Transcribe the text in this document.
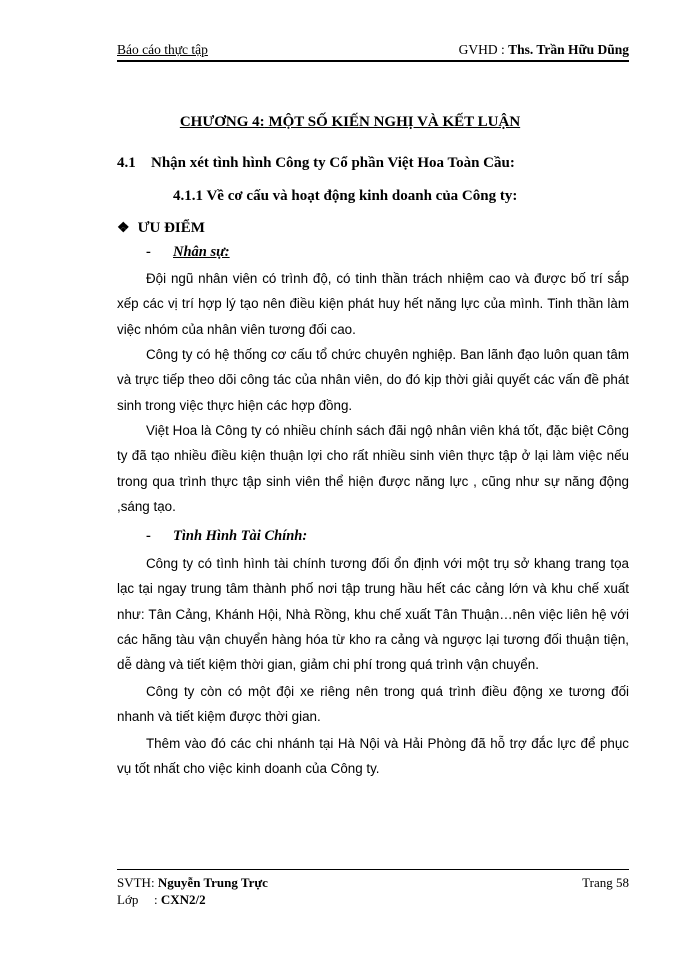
Báo cáo thực tập	GVHD : Ths. Trần Hữu Dũng
CHƯƠNG 4: MỘT SỐ KIẾN NGHỊ VÀ KẾT LUẬN
4.1 Nhận xét tình hình Công ty Cổ phần Việt Hoa Toàn Cầu:
4.1.1 Về cơ cấu và hoạt động kinh doanh của Công ty:
❖ ƯU ĐIỂM
- Nhân sự:

Đội ngũ nhân viên có trình độ, có tinh thần trách nhiệm cao và được bố trí sắp xếp các vị trí hợp lý tạo nên điều kiện phát huy hết năng lực của mình. Tinh thần làm việc nhóm của nhân viên tương đối cao.

Công ty có hệ thống cơ cấu tổ chức chuyên nghiệp. Ban lãnh đạo luôn quan tâm và trực tiếp theo dõi công tác của nhân viên, do đó kịp thời giải quyết các vấn đề phát sinh trong việc thực hiện các hợp đồng.

Việt Hoa là Công ty có nhiều chính sách đãi ngộ nhân viên khá tốt, đặc biệt Công ty đã tạo nhiều điều kiện thuận lợi cho rất nhiều sinh viên thực tập ở lại làm việc nếu trong qua trình thực tập sinh viên thể hiện được năng lực , cũng như sự năng động ,sáng tạo.

- Tình Hình Tài Chính:

Công ty có tình hình tài chính tương đối ổn định với một trụ sở khang trang tọa lạc tại ngay trung tâm thành phố nơi tập trung hầu hết các cảng lớn và khu chế xuất như: Tân Cảng, Khánh Hội, Nhà Rồng, khu chế xuất Tân Thuận…nên việc liên hệ với các hãng tàu vận chuyển hàng hóa từ kho ra cảng và ngược lại tương đối thuận tiện, dễ dàng và tiết kiệm thời gian, giảm chi phí trong quá trình vận chuyển.

Công ty còn có một đội xe riêng nên trong quá trình điều động xe tương đối nhanh và tiết kiệm được thời gian.

Thêm vào đó các chi nhánh tại Hà Nội và Hải Phòng đã hỗ trợ đắc lực để phục vụ tốt nhất cho việc kinh doanh của Công ty.

SVTH: Nguyễn Trung Trực
Lớp : CXN2/2
Trang 58
